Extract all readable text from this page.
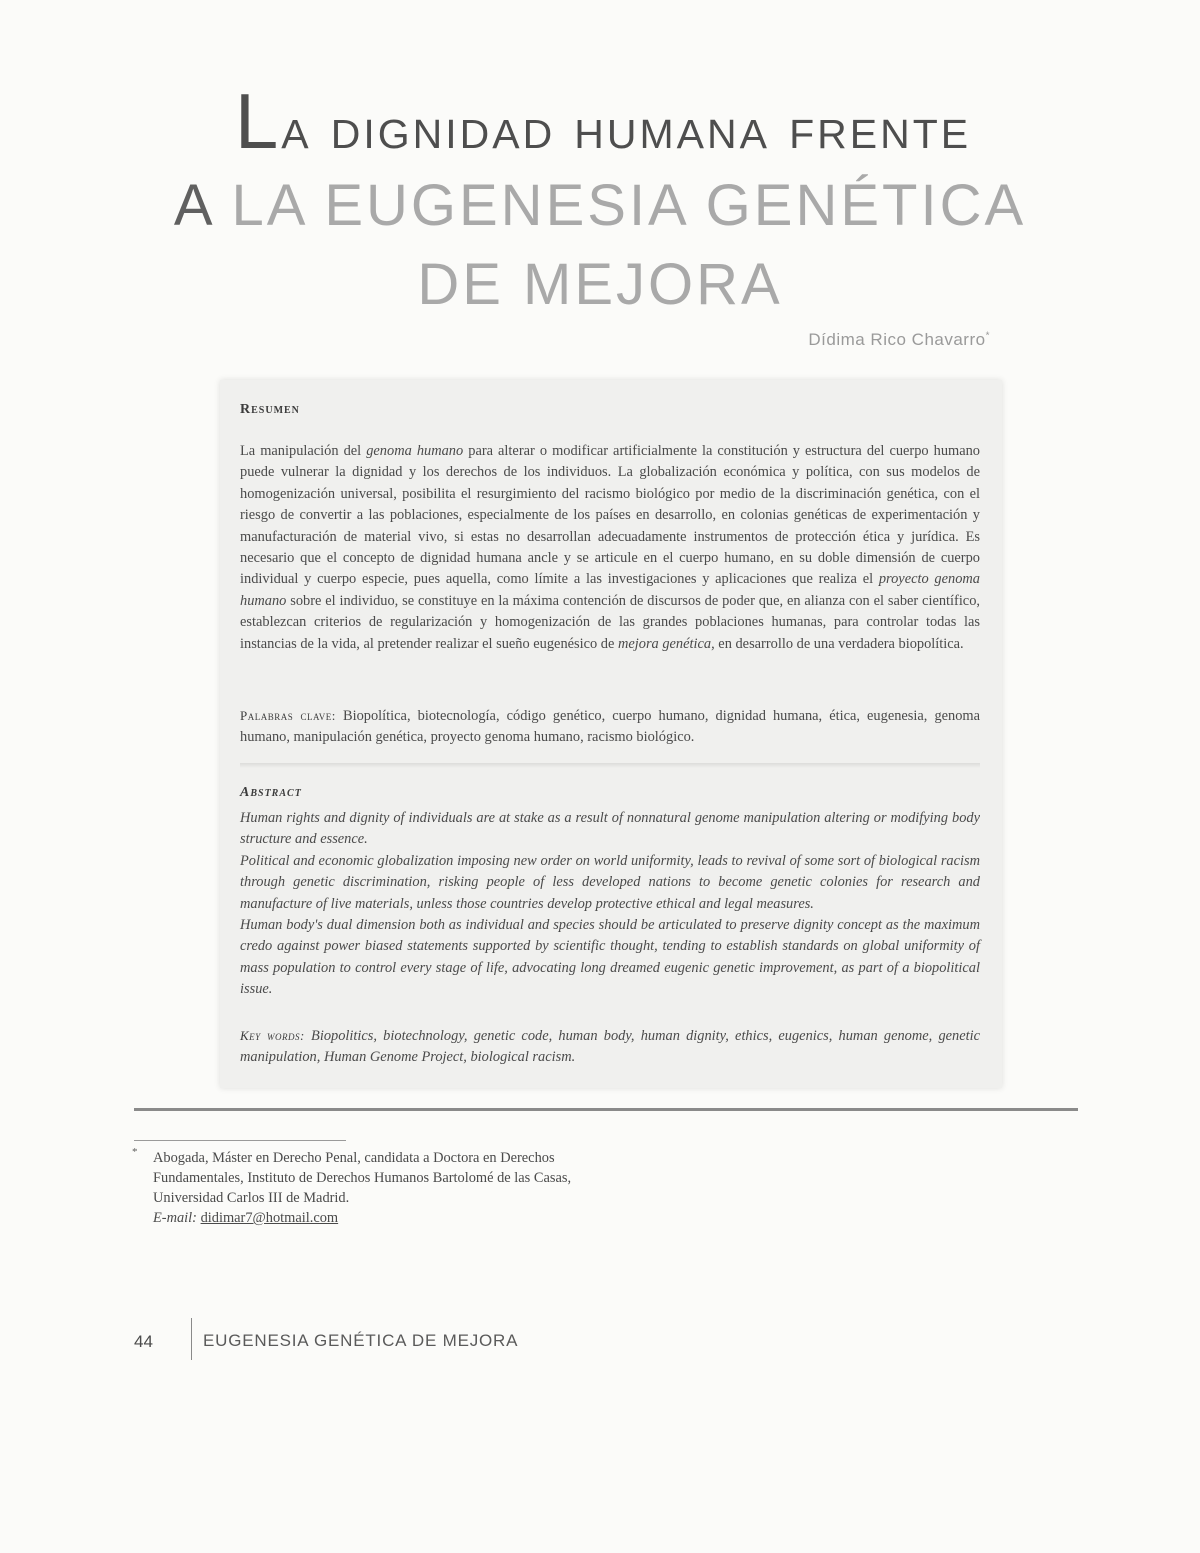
La dignidad humana frente
A LA EUGENESIA GENÉTICA
DE MEJORA
Dídima Rico Chavarro*
Resumen
La manipulación del genoma humano para alterar o modificar artificialmente la constitución y estructura del cuerpo humano puede vulnerar la dignidad y los derechos de los individuos. La globalización económica y política, con sus modelos de homogenización universal, posibilita el resurgimiento del racismo biológico por medio de la discriminación genética, con el riesgo de convertir a las poblaciones, especialmente de los países en desarrollo, en colonias genéticas de experimentación y manufacturación de material vivo, si estas no desarrollan adecuadamente instrumentos de protección ética y jurídica. Es necesario que el concepto de dignidad humana ancle y se articule en el cuerpo humano, en su doble dimensión de cuerpo individual y cuerpo especie, pues aquella, como límite a las investigaciones y aplicaciones que realiza el proyecto genoma humano sobre el individuo, se constituye en la máxima contención de discursos de poder que, en alianza con el saber científico, establezcan criterios de regularización y homogenización de las grandes poblaciones humanas, para controlar todas las instancias de la vida, al pretender realizar el sueño eugenésico de mejora genética, en desarrollo de una verdadera biopolítica.
Palabras clave: Biopolítica, biotecnología, código genético, cuerpo humano, dignidad humana, ética, eugenesia, genoma humano, manipulación genética, proyecto genoma humano, racismo biológico.
Abstract

Human rights and dignity of individuals are at stake as a result of nonnatural genome manipulation altering or modifying body structure and essence.

Political and economic globalization imposing new order on world uniformity, leads to revival of some sort of biological racism through genetic discrimination, risking people of less developed nations to become genetic colonies for research and manufacture of live materials, unless those countries develop protective ethical and legal measures.

Human body's dual dimension both as individual and species should be articulated to preserve dignity concept as the maximum credo against power biased statements supported by scientific thought, tending to establish standards on global uniformity of mass population to control every stage of life, advocating long dreamed eugenic genetic improvement, as part of a biopolitical issue.

Key words: Biopolitics, biotechnology, genetic code, human body, human dignity, ethics, eugenics, human genome, genetic manipulation, Human Genome Project, biological racism.
* Abogada, Máster en Derecho Penal, candidata a Doctora en Derechos Fundamentales, Instituto de Derechos Humanos Bartolomé de las Casas, Universidad Carlos III de Madrid.
E-mail: didimar7@hotmail.com
44	EUGENESIA GENÉTICA DE MEJORA
